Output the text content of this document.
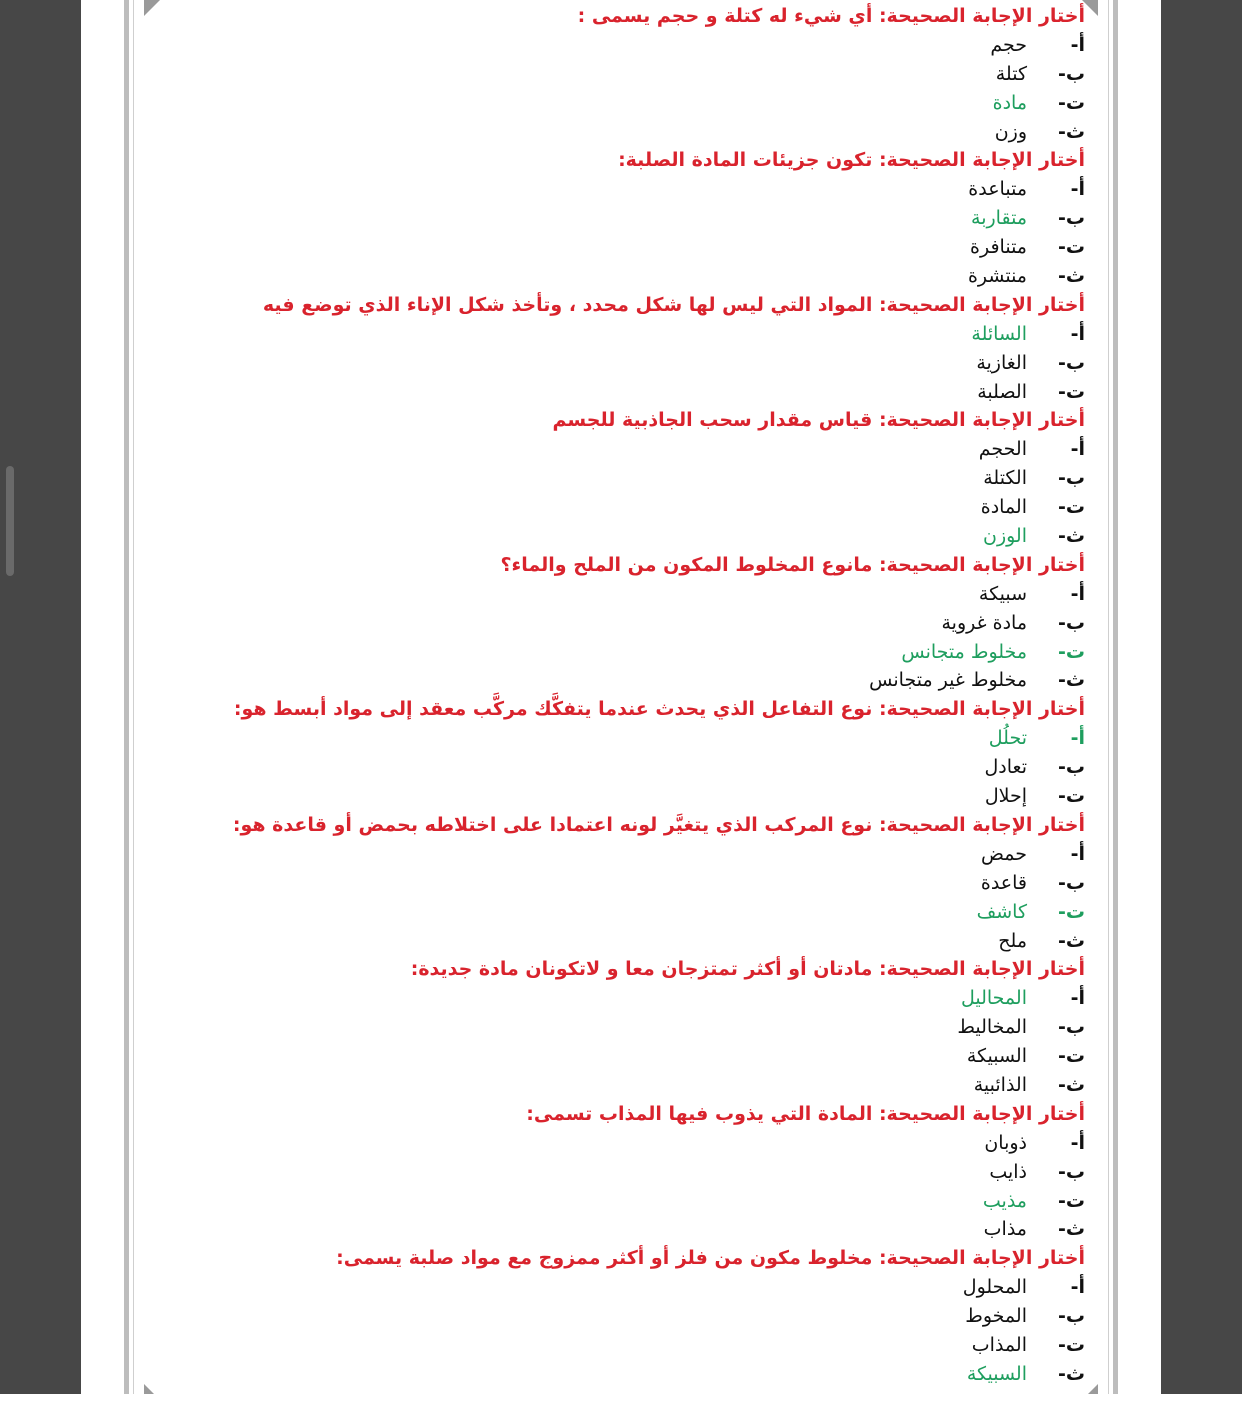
أختار الإجابة الصحيحة: أي شيء له كتلة و حجم يسمى :
أ-حجم
ب-كتلة
ت-مادة
ث-وزن
أختار الإجابة الصحيحة: تكون جزيئات المادة الصلبة:
أ-متباعدة
ب-متقاربة
ت-متنافرة
ث-منتشرة
أختار الإجابة الصحيحة: المواد التي ليس لها شكل محدد ، وتأخذ شكل الإناء الذي توضع فيه
أ-السائلة
ب-الغازية
ت-الصلبة
أختار الإجابة الصحيحة: قياس مقدار سحب الجاذبية للجسم
أ-الحجم
ب-الكتلة
ت-المادة
ث-الوزن
أختار الإجابة الصحيحة: مانوع المخلوط المكون من الملح والماء؟
أ-سبيكة
ب-مادة غروية
ت-مخلوط متجانس
ث-مخلوط غير متجانس
أختار الإجابة الصحيحة: نوع التفاعل الذي يحدث عندما يتفكَّك مركَّب معقد إلى مواد أبسط هو:
أ-تحلُل
ب-تعادل
ت-إحلال
أختار الإجابة الصحيحة: نوع المركب الذي يتغيَّر لونه اعتمادا على اختلاطه بحمض أو قاعدة هو:
أ-حمض
ب-قاعدة
ت-كاشف
ث-ملح
أختار الإجابة الصحيحة: مادتان أو أكثر تمتزجان معا و لاتكونان مادة جديدة:
أ-المحاليل
ب-المخاليط
ت-السبيكة
ث-الذائبية
أختار الإجابة الصحيحة: المادة التي يذوب فيها المذاب تسمى:
أ-ذوبان
ب-ذايب
ت-مذيب
ث-مذاب
أختار الإجابة الصحيحة: مخلوط مكون من فلز أو أكثر ممزوج مع مواد صلبة يسمى:
أ-المحلول
ب-المخوط
ت-المذاب
ث-السبيكة
